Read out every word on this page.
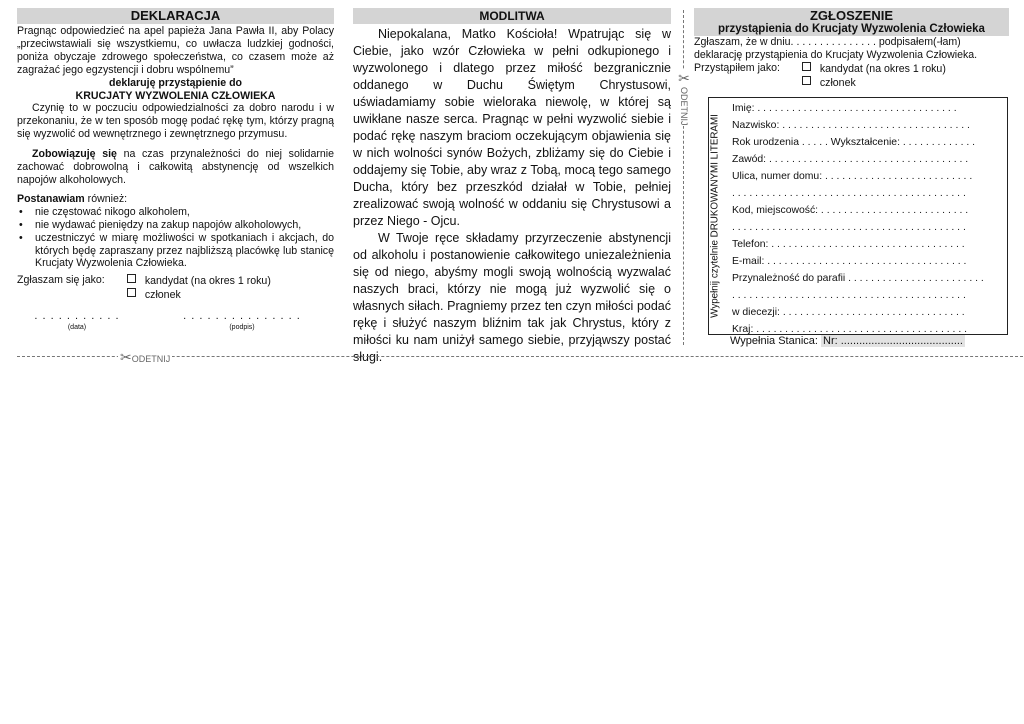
DEKLARACJA
Pragnąc odpowiedzieć na apel papieża Jana Pawła II, aby Polacy „przeciwstawiali się wszystkiemu, co uwłacza ludzkiej godności, poniża obyczaje zdrowego społeczeństwa, co czasem może aż zagrażać jego egzystencji i dobru wspólnemu”
deklaruję przystąpienie do
KRUCJATY WYZWOLENIA CZŁOWIEKA
Czynię to w poczuciu odpowiedzialności za dobro narodu i w przekonaniu, że w ten sposób mogę podać rękę tym, którzy pragną się wyzwolić od wewnętrznego i zewnętrznego przymusu.
Zobowiązuję się na czas przynależności do niej solidarnie zachować dobrowolną i całkowitą abstynencję od wszelkich napojów alkoholowych.
Postanawiam również:
• nie częstować nikogo alkoholem,
• nie wydawać pieniędzy na zakup napojów alkoholowych,
• uczestniczyć w miarę możliwości w spotkaniach i akcjach, do których będę zapraszany przez najbliższą placówkę lub stanicę Krucjaty Wyzwolenia Człowieka.
Zgłaszam się jako:	kandydat (na okres 1 roku)
członek
. . . . . . . . . . .
(data)
. . . . . . . . . . . . . . .
(podpis)
MODLITWA

Niepokalana, Matko Kościoła! Wpatrując się w Ciebie, jako wzór Człowieka w pełni odkupionego i wyzwolonego i dlatego przez miłość bezgranicznie oddanego w Duchu Świętym Chrystusowi, uświadamiamy sobie wieloraka niewolę, w której są uwikłane nasze serca. Pragnąc w pełni wyzwolić siebie i podać rękę naszym braciom oczekującym objawienia się w nich wolności synów Bożych, zbliżamy się do Ciebie i oddajemy się Tobie, aby wraz z Tobą, mocą tego samego Ducha, który bez przeszkód działał w Tobie, pełniej zrealizować swoją wolność w oddaniu się Chrystusowi a przez Niego - Ojcu.

W Twoje ręce składamy przyrzeczenie abstynencji od alkoholu i postanowienie całkowitego uniezależnienia się od niego, abyśmy mogli swoją wolnością wyzwalać naszych braci, którzy nie mogą już wyzwolić się o własnych siłach. Pragniemy przez ten czyn miłości podać rękę i służyć naszym bliźnim tak jak Chrystus, który z miłości ku nam uniżył samego siebie, przyjąwszy postać sługi.

ZGŁOSZENIE
przystąpienia do Krucjaty Wyzwolenia Człowieka
Zgłaszam, że w dniu. . . . . . . . . . . . . . . podpisałem(-łam)
deklarację przystąpienia do Krucjaty Wyzwolenia Człowieka.
Przystąpiłem jako:	kandydat (na okres 1 roku)
członek
Wypełnij czytelnie DRUKOWANYMI LITERAMI
Imię: . . . . . . . . . . . . . . . . . . . . . . . . . . . . . . . . . . .
Nazwisko: . . . . . . . . . . . . . . . . . . . . . . . . . . . . . . . . .
Rok urodzenia . . . . . Wykształcenie: . . . . . . . . . . . . .
Zawód: . . . . . . . . . . . . . . . . . . . . . . . . . . . . . . . . . . .
Ulica, numer domu: . . . . . . . . . . . . . . . . . . . . . . . . . .
. . . . . . . . . . . . . . . . . . . . . . . . . . . . . . . . . . . . . . . . .
Kod, miejscowość: . . . . . . . . . . . . . . . . . . . . . . . . . .
. . . . . . . . . . . . . . . . . . . . . . . . . . . . . . . . . . . . . . . . .
Telefon: . . . . . . . . . . . . . . . . . . . . . . . . . . . . . . . . . .
E-mail: . . . . . . . . . . . . . . . . . . . . . . . . . . . . . . . . . . .
Przynależność do parafii . . . . . . . . . . . . . . . . . . . . . . . .
. . . . . . . . . . . . . . . . . . . . . . . . . . . . . . . . . . . . . . . . .
w diecezji: . . . . . . . . . . . . . . . . . . . . . . . . . . . . . . . .
Kraj: . . . . . . . . . . . . . . . . . . . . . . . . . . . . . . . . . . . . .
Wypełnia Stanica: Nr: ........................................
✂ODETNIJ
✂
ODETNIJ
